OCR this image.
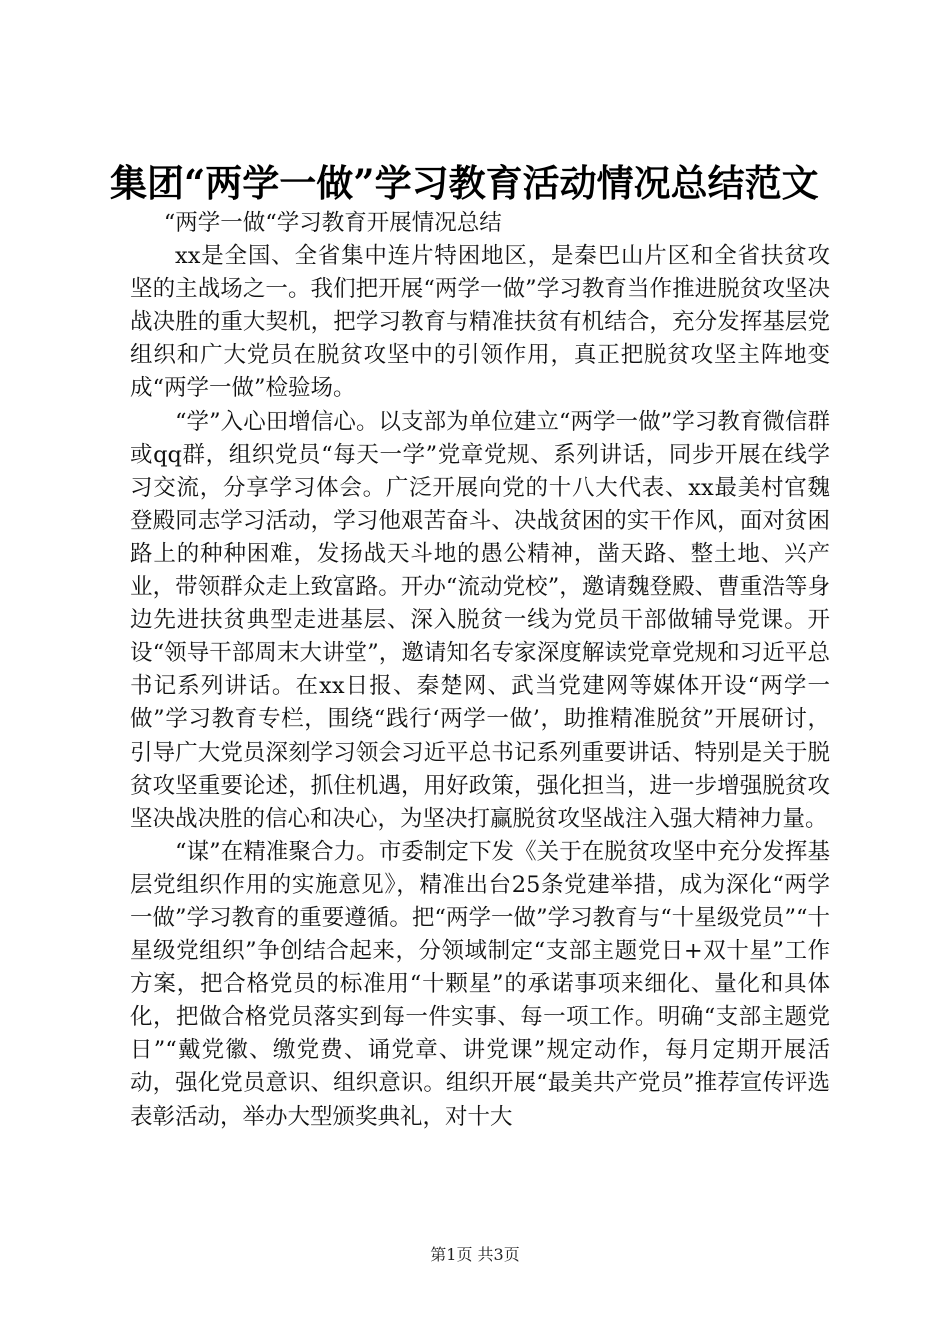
集团“两学一做”学习教育活动情况总结范文

“两学一做“学习教育开展情况总结

xx是全国、全省集中连片特困地区，是秦巴山片区和全省扶贫攻坚的主战场之一。我们把开展“两学一做”学习教育当作推进脱贫攻坚决战决胜的重大契机，把学习教育与精准扶贫有机结合，充分发挥基层党组织和广大党员在脱贫攻坚中的引领作用，真正把脱贫攻坚主阵地变成“两学一做”检验场。

“学”入心田增信心。以支部为单位建立“两学一做”学习教育微信群或qq群，组织党员“每天一学”党章党规、系列讲话，同步开展在线学习交流，分享学习体会。广泛开展向党的十八大代表、xx最美村官魏登殿同志学习活动，学习他艰苦奋斗、决战贫困的实干作风，面对贫困路上的种种困难，发扬战天斗地的愚公精神，凿天路、整土地、兴产业，带领群众走上致富路。开办“流动党校”，邀请魏登殿、曹重浩等身边先进扶贫典型走进基层、深入脱贫一线为党员干部做辅导党课。开设“领导干部周末大讲堂”，邀请知名专家深度解读党章党规和习近平总书记系列讲话。在xx日报、秦楚网、武当党建网等媒体开设“两学一做”学习教育专栏，围绕“践行‘两学一做’，助推精准脱贫”开展研讨，引导广大党员深刻学习领会习近平总书记系列重要讲话、特别是关于脱贫攻坚重要论述，抓住机遇，用好政策，强化担当，进一步增强脱贫攻坚决战决胜的信心和决心，为坚决打赢脱贫攻坚战注入强大精神力量。

“谋”在精准聚合力。市委制定下发《关于在脱贫攻坚中充分发挥基层党组织作用的实施意见》，精准出台25条党建举措，成为深化“两学一做”学习教育的重要遵循。把“两学一做”学习教育与“十星级党员”“十星级党组织”争创结合起来，分领域制定“支部主题党日+双十星”工作方案，把合格党员的标准用“十颗星”的承诺事项来细化、量化和具体化，把做合格党员落实到每一件实事、每一项工作。明确“支部主题党日”“戴党徽、缴党费、诵党章、讲党课”规定动作，每月定期开展活动，强化党员意识、组织意识。组织开展“最美共产党员”推荐宣传评选表彰活动，举办大型颁奖典礼，对十大

第1页 共3页
